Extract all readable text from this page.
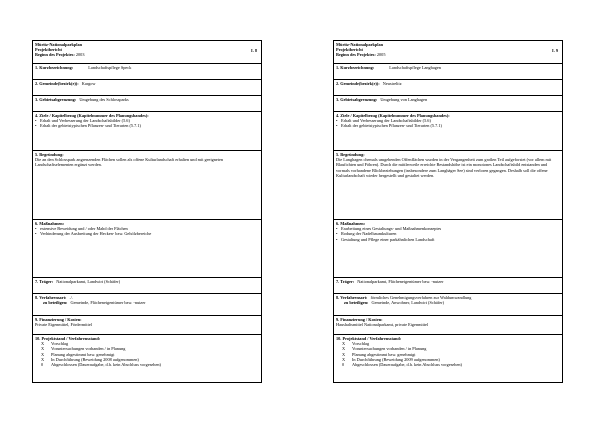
Müritz-Nationalparkplan
Projektbericht
Beginn des Projektes: 2003
I. 8
1. Kurzbezeichnung:	Landschaftspflege Speck
2. Gemeinde(bezirk(e)): Kargow
3. Gebietsabgrenzung: Umgebung des Schlossparks
4. Ziele / Kapitelbezug (Kapitelnummer des Planungsbandes):
• Erhalt und Verbesserung der Landschaftsbilder (5.6)
• Erhalt der gebietstypischen Pflanzen- und Tierarten (5.7.1)
5. Begründung:
Die an den Schlosspark angrenzenden Flächen sollen als offene Kulturlandschaft erhalten und mit geeigneten Landschaftselementen ergänzt werden.
6. Maßnahmen:
• extensive Beweidung und / oder Mahd der Flächen
• Verhinderung der Ausbreitung der Hecken- bzw. Gehölzbereiche
7. Träger: Nationalparkamt, Landwirt (Schäfer)
8. Verfahrensart: ./.
zu beteiligen: Gemeinde, Flächeneigentümer bzw. -nutzer
9. Finanzierung / Kosten:
Private Eigenmittel, Fördermittel
10. Projektstand / Verfahrensstand:
X	Vorschlag
X	Voruntersuchungen vorhanden / in Planung
X	Planung abgestimmt bzw. genehmigt
X	In Durchführung (Beweidung 2008 aufgenommen)
0	Abgeschlossen (Daueraufgabe, d.h. kein Abschluss vorgesehen)
Müritz-Nationalparkplan
Projektbericht
Beginn des Projektes: 2005
I. 9
1. Kurzbezeichnung:	Landschaftspflege Langhagen
2. Gemeinde(bezirk(e)): Neustrelitz
3. Gebietsabgrenzung: Umgebung von Langhagen
4. Ziele / Kapitelbezug (Kapitelnummer des Planungsbandes):
• Erhalt und Verbesserung der Landschaftsbilder (5.6)
• Erhalt der gebietstypischen Pflanzen- und Tierarten (5.7.1)
5. Begründung:
Die Langhagen chemals umgebenden Offenflächen wurden in der Vergangenheit zum großen Teil aufgeforstet (vor allem mit Blaufichten und Föhren). Durch die mittlerweile erreichte Bestandshöhe ist ein monotones Landschaftsbild entstanden und vormals vorhandene Blickbeziehungen (insbesondere zum Langhäger See) sind verloren gegangen. Deshalb soll die offene Kulturlandschaft wieder hergestellt und gestaltet werden.
6. Maßnahmen:
• Erarbeitung eines Gestaltungs- und Maßnahmenkonzeptes
• Rodung der Nadelbaumkulturen
• Gestaltung und Pflege einer parkähnlichen Landschaft
7. Träger: Nationalparkamt, Flächeneigentümer bzw. -nutzer
8. Verfahrensart: förmliches Genehmigungsverfahren zur Waldumwandlung
zu beteiligen: Gemeinde, Anwohner, Landwirt (Schäfer)
9. Finanzierung / Kosten:
Haushaltsmittel Nationalparkamt, private Eigenmittel
10. Projektstand / Verfahrensstand:
X	Vorschlag
X	Voruntersuchungen vorhanden / in Planung
X	Planung abgestimmt bzw. genehmigt
X	In Durchführung (Beweidung 2009 aufgenommen)
0	Abgeschlossen (Daueraufgabe, d.h. kein Abschluss vorgesehen)
